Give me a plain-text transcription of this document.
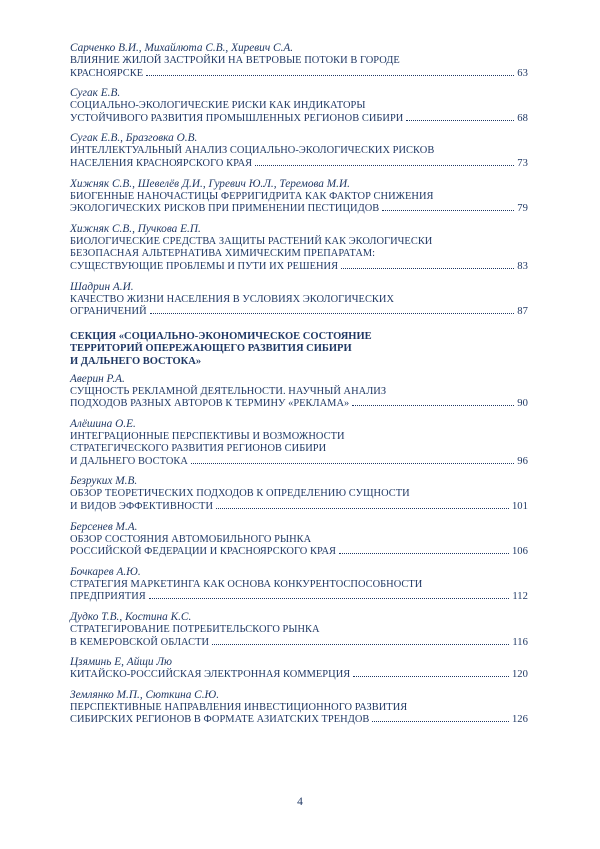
Сарченко В.И., Михайлюта С.В., Хиревич С.А.
ВЛИЯНИЕ ЖИЛОЙ ЗАСТРОЙКИ НА ВЕТРОВЫЕ ПОТОКИ В ГОРОДЕ
КРАСНОЯРСКЕ	63
Сугак Е.В.
СОЦИАЛЬНО-ЭКОЛОГИЧЕСКИЕ РИСКИ КАК ИНДИКАТОРЫ
УСТОЙЧИВОГО РАЗВИТИЯ ПРОМЫШЛЕННЫХ РЕГИОНОВ СИБИРИ	68
Сугак Е.В., Бразговка О.В.
ИНТЕЛЛЕКТУАЛЬНЫЙ АНАЛИЗ СОЦИАЛЬНО-ЭКОЛОГИЧЕСКИХ РИСКОВ
НАСЕЛЕНИЯ КРАСНОЯРСКОГО КРАЯ	73
Хижняк С.В., Шевелёв Д.И., Гуревич Ю.Л., Теремова М.И.
БИОГЕННЫЕ НАНОЧАСТИЦЫ ФЕРРИГИДРИТА КАК ФАКТОР СНИЖЕНИЯ
ЭКОЛОГИЧЕСКИХ РИСКОВ ПРИ ПРИМЕНЕНИИ ПЕСТИЦИДОВ	79
Хижняк С.В., Пучкова Е.П.
БИОЛОГИЧЕСКИЕ СРЕДСТВА ЗАЩИТЫ РАСТЕНИЙ КАК ЭКОЛОГИЧЕСКИ
БЕЗОПАСНАЯ АЛЬТЕРНАТИВА ХИМИЧЕСКИМ ПРЕПАРАТАМ:
СУЩЕСТВУЮЩИЕ ПРОБЛЕМЫ И ПУТИ ИХ РЕШЕНИЯ	83
Шадрин А.И.
КАЧЕСТВО ЖИЗНИ НАСЕЛЕНИЯ В УСЛОВИЯХ ЭКОЛОГИЧЕСКИХ
ОГРАНИЧЕНИЙ	87
СЕКЦИЯ «СОЦИАЛЬНО-ЭКОНОМИЧЕСКОЕ СОСТОЯНИЕ
ТЕРРИТОРИЙ ОПЕРЕЖАЮЩЕГО РАЗВИТИЯ СИБИРИ
И ДАЛЬНЕГО ВОСТОКА»
Аверин Р.А.
СУЩНОСТЬ РЕКЛАМНОЙ ДЕЯТЕЛЬНОСТИ. НАУЧНЫЙ АНАЛИЗ
ПОДХОДОВ РАЗНЫХ АВТОРОВ К ТЕРМИНУ «РЕКЛАМА»	90
Алёшина О.Е.
ИНТЕГРАЦИОННЫЕ ПЕРСПЕКТИВЫ И ВОЗМОЖНОСТИ
СТРАТЕГИЧЕСКОГО РАЗВИТИЯ РЕГИОНОВ СИБИРИ
И ДАЛЬНЕГО ВОСТОКА	96
Безруких М.В.
ОБЗОР ТЕОРЕТИЧЕСКИХ ПОДХОДОВ К ОПРЕДЕЛЕНИЮ СУЩНОСТИ
И ВИДОВ ЭФФЕКТИВНОСТИ	101
Берсенев М.А.
ОБЗОР СОСТОЯНИЯ АВТОМОБИЛЬНОГО РЫНКА
РОССИЙСКОЙ ФЕДЕРАЦИИ И КРАСНОЯРСКОГО КРАЯ	106
Бочкарев А.Ю.
СТРАТЕГИЯ МАРКЕТИНГА КАК ОСНОВА КОНКУРЕНТОСПОСОБНОСТИ
ПРЕДПРИЯТИЯ	112
Дудко Т.В., Костина К.С.
СТРАТЕГИРОВАНИЕ ПОТРЕБИТЕЛЬСКОГО РЫНКА
В КЕМЕРОВСКОЙ ОБЛАСТИ	116
Цзяминь Е, Айщи Лю
КИТАЙСКО-РОССИЙСКАЯ ЭЛЕКТРОННАЯ КОММЕРЦИЯ	120
Землянко М.П., Сюткина С.Ю.
ПЕРСПЕКТИВНЫЕ НАПРАВЛЕНИЯ ИНВЕСТИЦИОННОГО РАЗВИТИЯ
СИБИРСКИХ РЕГИОНОВ В ФОРМАТЕ АЗИАТСКИХ ТРЕНДОВ	126
4
